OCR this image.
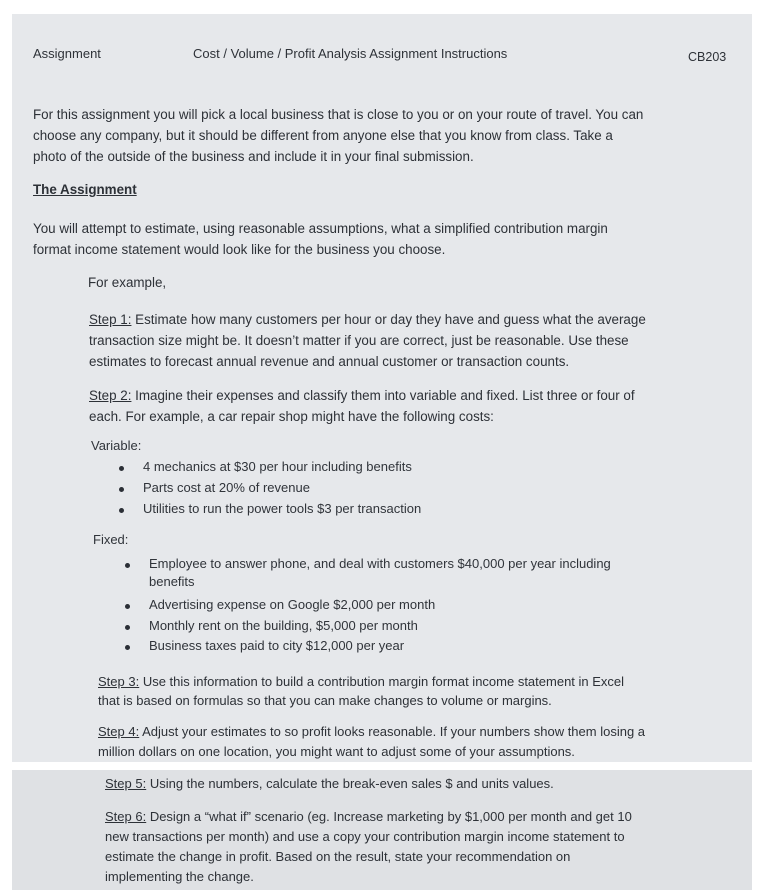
Assignment	Cost / Volume / Profit Analysis Assignment Instructions	CB203
For this assignment you will pick a local business that is close to you or on your route of travel. You can
choose any company, but it should be different from anyone else that you know from class. Take a
photo of the outside of the business and include it in your final submission.
The Assignment
You will attempt to estimate, using reasonable assumptions, what a simplified contribution margin
format income statement would look like for the business you choose.
For example,
Step 1: Estimate how many customers per hour or day they have and guess what the average
transaction size might be. It doesn’t matter if you are correct, just be reasonable. Use these
estimates to forecast annual revenue and annual customer or transaction counts.
Step 2: Imagine their expenses and classify them into variable and fixed. List three or four of
each. For example, a car repair shop might have the following costs:
Variable:
4 mechanics at $30 per hour including benefits
Parts cost at 20% of revenue
Utilities to run the power tools $3 per transaction
Fixed:
Employee to answer phone, and deal with customers $40,000 per year including
benefits
Advertising expense on Google $2,000 per month
Monthly rent on the building, $5,000 per month
Business taxes paid to city $12,000 per year
Step 3: Use this information to build a contribution margin format income statement in Excel
that is based on formulas so that you can make changes to volume or margins.
Step 4: Adjust your estimates to so profit looks reasonable. If your numbers show them losing a
million dollars on one location, you might want to adjust some of your assumptions.
Step 5: Using the numbers, calculate the break-even sales $ and units values.
Step 6: Design a “what if” scenario (eg. Increase marketing by $1,000 per month and get 10
new transactions per month) and use a copy your contribution margin income statement to
estimate the change in profit. Based on the result, state your recommendation on
implementing the change.
